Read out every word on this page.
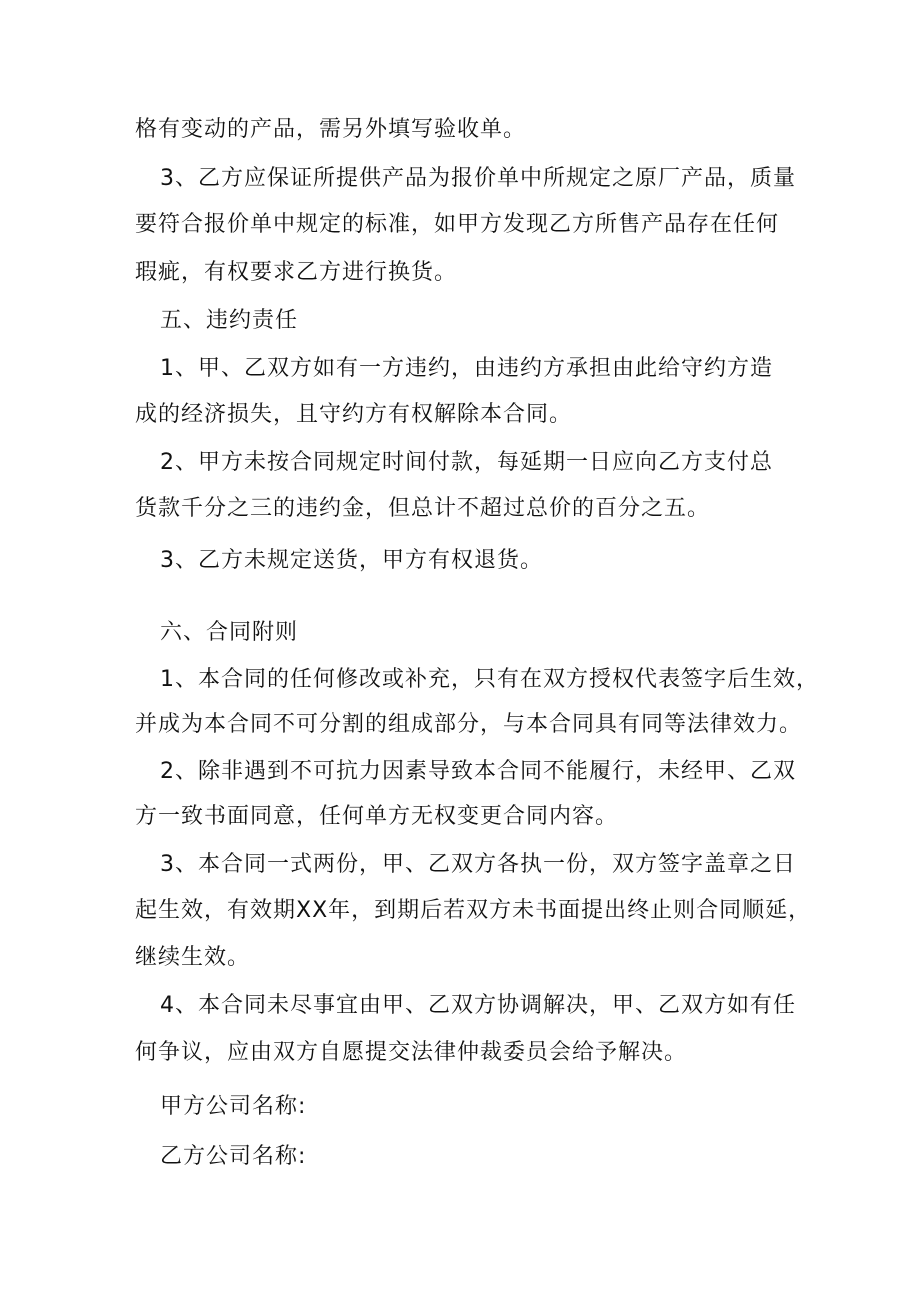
格有变动的产品，需另外填写验收单。
3、乙方应保证所提供产品为报价单中所规定之原厂产品，质量
要符合报价单中规定的标准，如甲方发现乙方所售产品存在任何
瑕疵，有权要求乙方进行换货。
五、违约责任
1、甲、乙双方如有一方违约，由违约方承担由此给守约方造
成的经济损失，且守约方有权解除本合同。
2、甲方未按合同规定时间付款，每延期一日应向乙方支付总
货款千分之三的违约金，但总计不超过总价的百分之五。
3、乙方未规定送货，甲方有权退货。
六、合同附则
1、本合同的任何修改或补充，只有在双方授权代表签字后生效，
并成为本合同不可分割的组成部分，与本合同具有同等法律效力。
2、除非遇到不可抗力因素导致本合同不能履行，未经甲、乙双
方一致书面同意，任何单方无权变更合同内容。
3、本合同一式两份，甲、乙双方各执一份，双方签字盖章之日
起生效，有效期XX年，到期后若双方未书面提出终止则合同顺延，
继续生效。
4、本合同未尽事宜由甲、乙双方协调解决，甲、乙双方如有任
何争议，应由双方自愿提交法律仲裁委员会给予解决。
甲方公司名称:
乙方公司名称:
